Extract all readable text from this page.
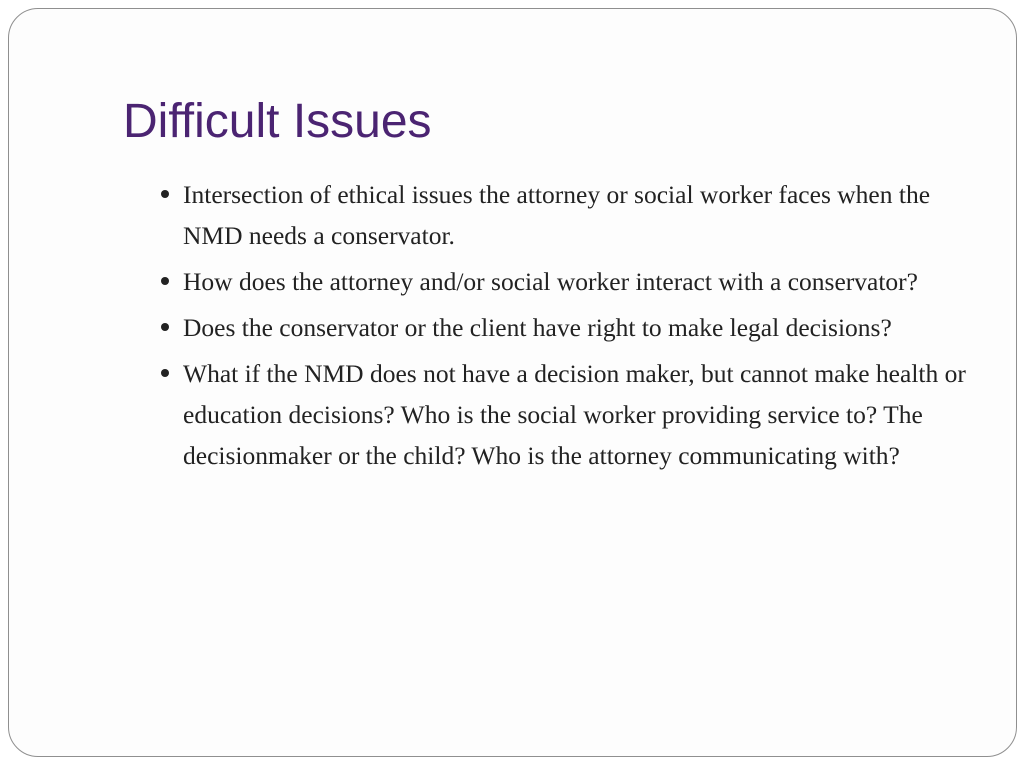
Difficult Issues
Intersection of ethical issues the attorney or social worker faces when the NMD needs a conservator.
How does the attorney and/or social worker interact with a conservator?
Does the conservator or the client have right to make legal decisions?
What if the NMD does not have a decision maker, but cannot make health or education decisions? Who is the social worker providing service to? The decisionmaker or the child? Who is the attorney communicating with?
